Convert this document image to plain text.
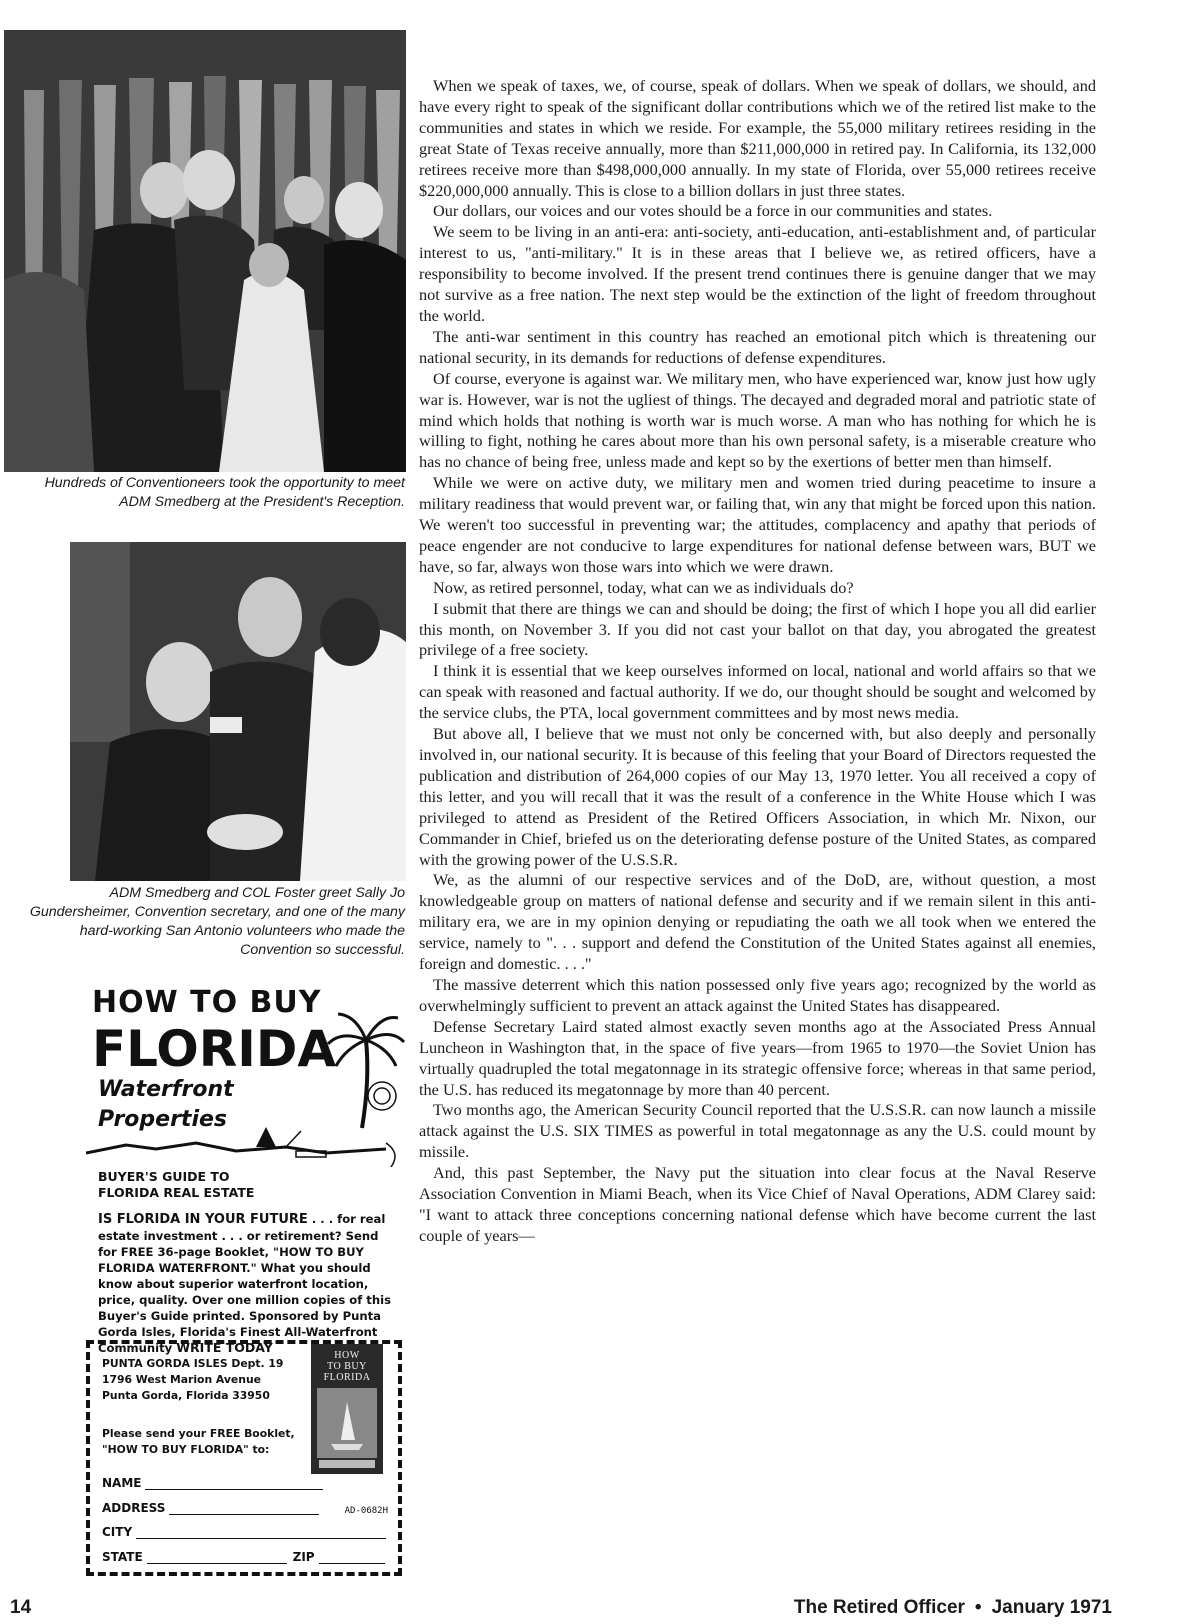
Hundreds of Conventioneers took the opportunity to meet ADM Smedberg at the President's Reception.
ADM Smedberg and COL Foster greet Sally Jo Gundersheimer, Convention secretary, and one of the many hard-working San Antonio volunteers who made the Convention so successful.
HOW TO BUY
FLORIDA
Waterfront
Properties
BUYER'S GUIDE TO
FLORIDA REAL ESTATE
IS FLORIDA IN YOUR FUTURE . . . for real estate investment . . . or retirement? Send for FREE 36-page Booklet, "HOW TO BUY FLORIDA WATERFRONT." What you should know about superior waterfront location, price, quality. Over one million copies of this Buyer's Guide printed. Sponsored by Punta Gorda Isles, Florida's Finest All-Waterfront Community WRITE TODAY
PUNTA GORDA ISLES Dept. 19
1796 West Marion Avenue
Punta Gorda, Florida 33950
Please send your FREE Booklet,
"HOW TO BUY FLORIDA" to:
NAME
ADDRESS
CITY
STATE	ZIP
HOW
TO BUY
FLORIDA
AD-0682H

When we speak of taxes, we, of course, speak of dollars. When we speak of dollars, we should, and have every right to speak of the significant dollar contributions which we of the retired list make to the communities and states in which we reside. For example, the 55,000 military retirees residing in the great State of Texas receive annually, more than $211,000,000 in retired pay. In California, its 132,000 retirees receive more than $498,000,000 annually. In my state of Florida, over 55,000 retirees receive $220,000,000 annually. This is close to a billion dollars in just three states.

Our dollars, our voices and our votes should be a force in our communities and states.

We seem to be living in an anti-era: anti-society, anti-education, anti-establishment and, of particular interest to us, "anti-military." It is in these areas that I believe we, as retired officers, have a responsibility to become involved. If the present trend continues there is genuine danger that we may not survive as a free nation. The next step would be the extinction of the light of freedom throughout the world.

The anti-war sentiment in this country has reached an emotional pitch which is threatening our national security, in its demands for reductions of defense expenditures.

Of course, everyone is against war. We military men, who have experienced war, know just how ugly war is. However, war is not the ugliest of things. The decayed and degraded moral and patriotic state of mind which holds that nothing is worth war is much worse. A man who has nothing for which he is willing to fight, nothing he cares about more than his own personal safety, is a miserable creature who has no chance of being free, unless made and kept so by the exertions of better men than himself.

While we were on active duty, we military men and women tried during peacetime to insure a military readiness that would prevent war, or failing that, win any that might be forced upon this nation. We weren't too successful in preventing war; the attitudes, complacency and apathy that periods of peace engender are not conducive to large expenditures for national defense between wars, BUT we have, so far, always won those wars into which we were drawn.

Now, as retired personnel, today, what can we as individuals do?

I submit that there are things we can and should be doing; the first of which I hope you all did earlier this month, on November 3. If you did not cast your ballot on that day, you abrogated the greatest privilege of a free society.

I think it is essential that we keep ourselves informed on local, national and world affairs so that we can speak with reasoned and factual authority. If we do, our thought should be sought and welcomed by the service clubs, the PTA, local government committees and by most news media.

But above all, I believe that we must not only be concerned with, but also deeply and personally involved in, our national security. It is because of this feeling that your Board of Directors requested the publication and distribution of 264,000 copies of our May 13, 1970 letter. You all received a copy of this letter, and you will recall that it was the result of a conference in the White House which I was privileged to attend as President of the Retired Officers Association, in which Mr. Nixon, our Commander in Chief, briefed us on the deteriorating defense posture of the United States, as compared with the growing power of the U.S.S.R.

We, as the alumni of our respective services and of the DoD, are, without question, a most knowledgeable group on matters of national defense and security and if we remain silent in this anti-military era, we are in my opinion denying or repudiating the oath we all took when we entered the service, namely to ". . . support and defend the Constitution of the United States against all enemies, foreign and domestic. . . ."

The massive deterrent which this nation possessed only five years ago; recognized by the world as overwhelmingly sufficient to prevent an attack against the United States has disappeared.

Defense Secretary Laird stated almost exactly seven months ago at the Associated Press Annual Luncheon in Washington that, in the space of five years—from 1965 to 1970—the Soviet Union has virtually quadrupled the total megatonnage in its strategic offensive force; whereas in that same period, the U.S. has reduced its megatonnage by more than 40 percent.

Two months ago, the American Security Council reported that the U.S.S.R. can now launch a missile attack against the U.S. SIX TIMES as powerful in total megatonnage as any the U.S. could mount by missile.

And, this past September, the Navy put the situation into clear focus at the Naval Reserve Association Convention in Miami Beach, when its Vice Chief of Naval Operations, ADM Clarey said: "I want to attack three conceptions concerning national defense which have become current the last couple of years—

14	The Retired Officer • January 1971
